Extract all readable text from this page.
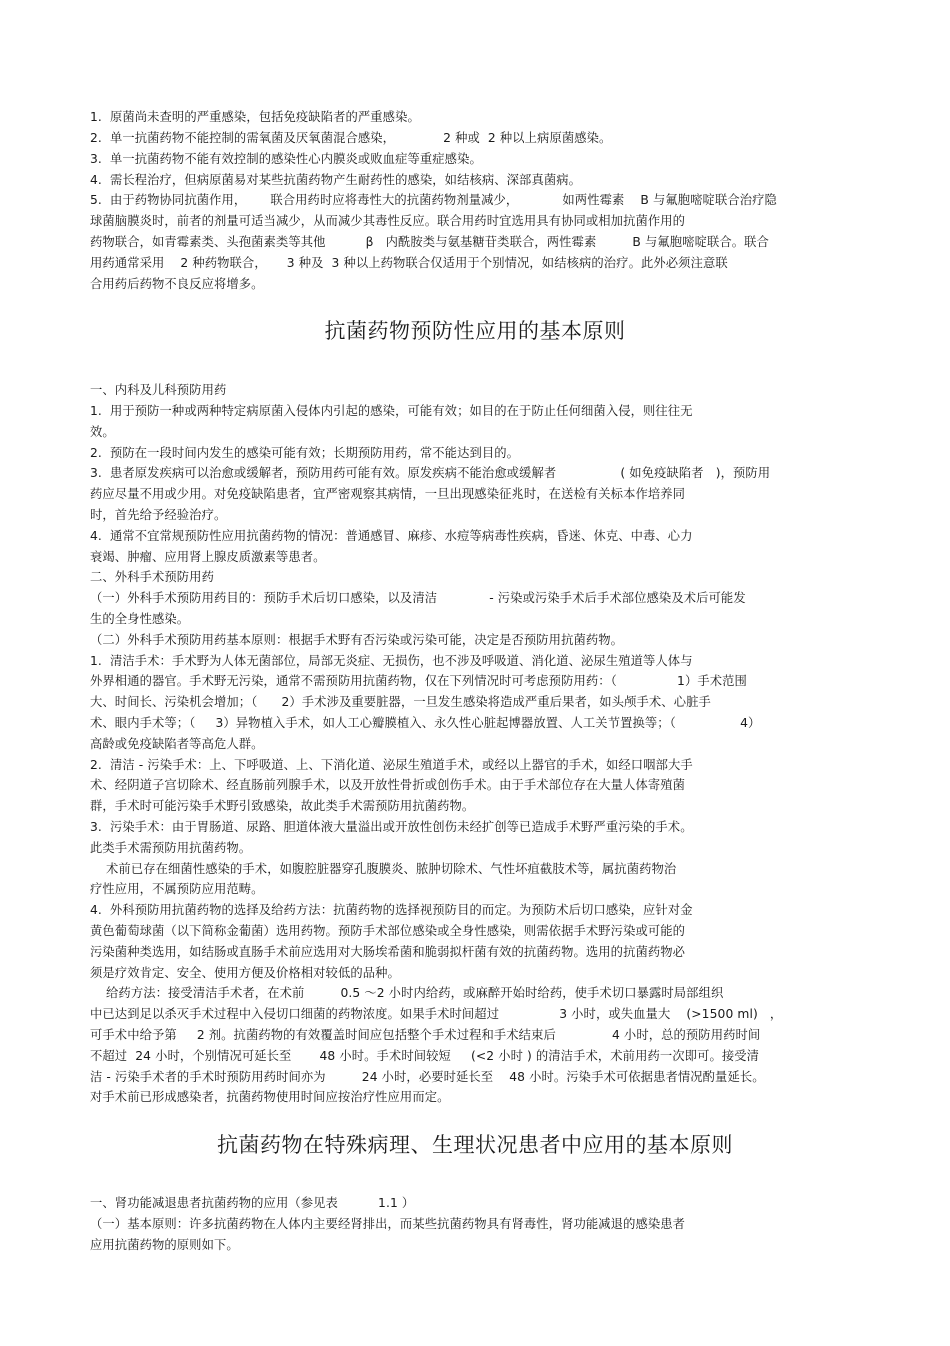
1.  原菌尚未查明的严重感染，包括免疫缺陷者的严重感染。
2.  单一抗菌药物不能控制的需氧菌及厌氧菌混合感染，            2 种或  2 种以上病原菌感染。
3.  单一抗菌药物不能有效控制的感染性心内膜炎或败血症等重症感染。
4.  需长程治疗，但病原菌易对某些抗菌药物产生耐药性的感染，如结核病、深部真菌病。
5.  由于药物协同抗菌作用，      联合用药时应将毒性大的抗菌药物剂量减少，           如两性霉素    B 与氟胞嘧啶联合治疗隐
球菌脑膜炎时，前者的剂量可适当减少，从而减少其毒性反应。联合用药时宜选用具有协同或相加抗菌作用的
药物联合，如青霉素类、头孢菌素类等其他          β   内酰胺类与氨基糖苷类联合，两性霉素         B 与氟胞嘧啶联合。联合
用药通常采用    2 种药物联合，     3 种及  3 种以上药物联合仅适用于个别情况，如结核病的治疗。此外必须注意联
合用药后药物不良反应将增多。
抗菌药物预防性应用的基本原则
一、内科及儿科预防用药
1.  用于预防一种或两种特定病原菌入侵体内引起的感染，可能有效；如目的在于防止任何细菌入侵，则往往无
效。
2.  预防在一段时间内发生的感染可能有效；长期预防用药，常不能达到目的。
3.  患者原发疾病可以治愈或缓解者，预防用药可能有效。原发疾病不能治愈或缓解者                ( 如免疫缺陷者   )，预防用
药应尽量不用或少用。对免疫缺陷患者，宜严密观察其病情，一旦出现感染征兆时，在送检有关标本作培养同
时，首先给予经验治疗。
4.  通常不宜常规预防性应用抗菌药物的情况：普通感冒、麻疹、水痘等病毒性疾病，昏迷、休克、中毒、心力
衰竭、肿瘤、应用肾上腺皮质激素等患者。
二、外科手术预防用药
（一）外科手术预防用药目的：预防手术后切口感染，以及清洁             - 污染或污染手术后手术部位感染及术后可能发
生的全身性感染。
（二）外科手术预防用药基本原则：根据手术野有否污染或污染可能，决定是否预防用抗菌药物。
1.  清洁手术：手术野为人体无菌部位，局部无炎症、无损伤，也不涉及呼吸道、消化道、泌尿生殖道等人体与
外界相通的器官。手术野无污染，通常不需预防用抗菌药物，仅在下列情况时可考虑预防用药：（               1）手术范围
大、时间长、污染机会增加；（      2）手术涉及重要脏器，一旦发生感染将造成严重后果者，如头颅手术、心脏手
术、眼内手术等；（     3）异物植入手术，如人工心瓣膜植入、永久性心脏起博器放置、人工关节置换等；（                4）
高龄或免疫缺陷者等高危人群。
2.  清洁 - 污染手术：上、下呼吸道、上、下消化道、泌尿生殖道手术，或经以上器官的手术，如经口咽部大手
术、经阴道子宫切除术、经直肠前列腺手术，以及开放性骨折或创伤手术。由于手术部位存在大量人体寄殖菌
群，手术时可能污染手术野引致感染，故此类手术需预防用抗菌药物。
3.  污染手术：由于胃肠道、尿路、胆道体液大量溢出或开放性创伤未经扩创等已造成手术野严重污染的手术。
此类手术需预防用抗菌药物。
术前已存在细菌性感染的手术，如腹腔脏器穿孔腹膜炎、脓肿切除术、气性坏疽截肢术等，属抗菌药物治
疗性应用，不属预防应用范畴。
4.  外科预防用抗菌药物的选择及给药方法：抗菌药物的选择视预防目的而定。为预防术后切口感染，应针对金
黄色葡萄球菌（以下简称金葡菌）选用药物。预防手术部位感染或全身性感染，则需依据手术野污染或可能的
污染菌种类选用，如结肠或直肠手术前应选用对大肠埃希菌和脆弱拟杆菌有效的抗菌药物。选用的抗菌药物必
须是疗效肯定、安全、使用方便及价格相对较低的品种。
给药方法：接受清洁手术者，在术前         0.5 ～2 小时内给药，或麻醉开始时给药，使手术切口暴露时局部组织
中已达到足以杀灭手术过程中入侵切口细菌的药物浓度。如果手术时间超过               3 小时，或失血量大    (>1500 ml)   ，
可手术中给予第     2 剂。抗菌药物的有效覆盖时间应包括整个手术过程和手术结束后              4 小时，总的预防用药时间
不超过  24 小时，个别情况可延长至       48 小时。手术时间较短     (<2 小时 ) 的清洁手术，术前用药一次即可。接受清
洁 - 污染手术者的手术时预防用药时间亦为         24 小时，必要时延长至    48 小时。污染手术可依据患者情况酌量延长。
对手术前已形成感染者，抗菌药物使用时间应按治疗性应用而定。
抗菌药物在特殊病理、生理状况患者中应用的基本原则
一、肾功能减退患者抗菌药物的应用（参见表          1.1 ）
（一）基本原则：许多抗菌药物在人体内主要经肾排出，而某些抗菌药物具有肾毒性，肾功能减退的感染患者
应用抗菌药物的原则如下。
